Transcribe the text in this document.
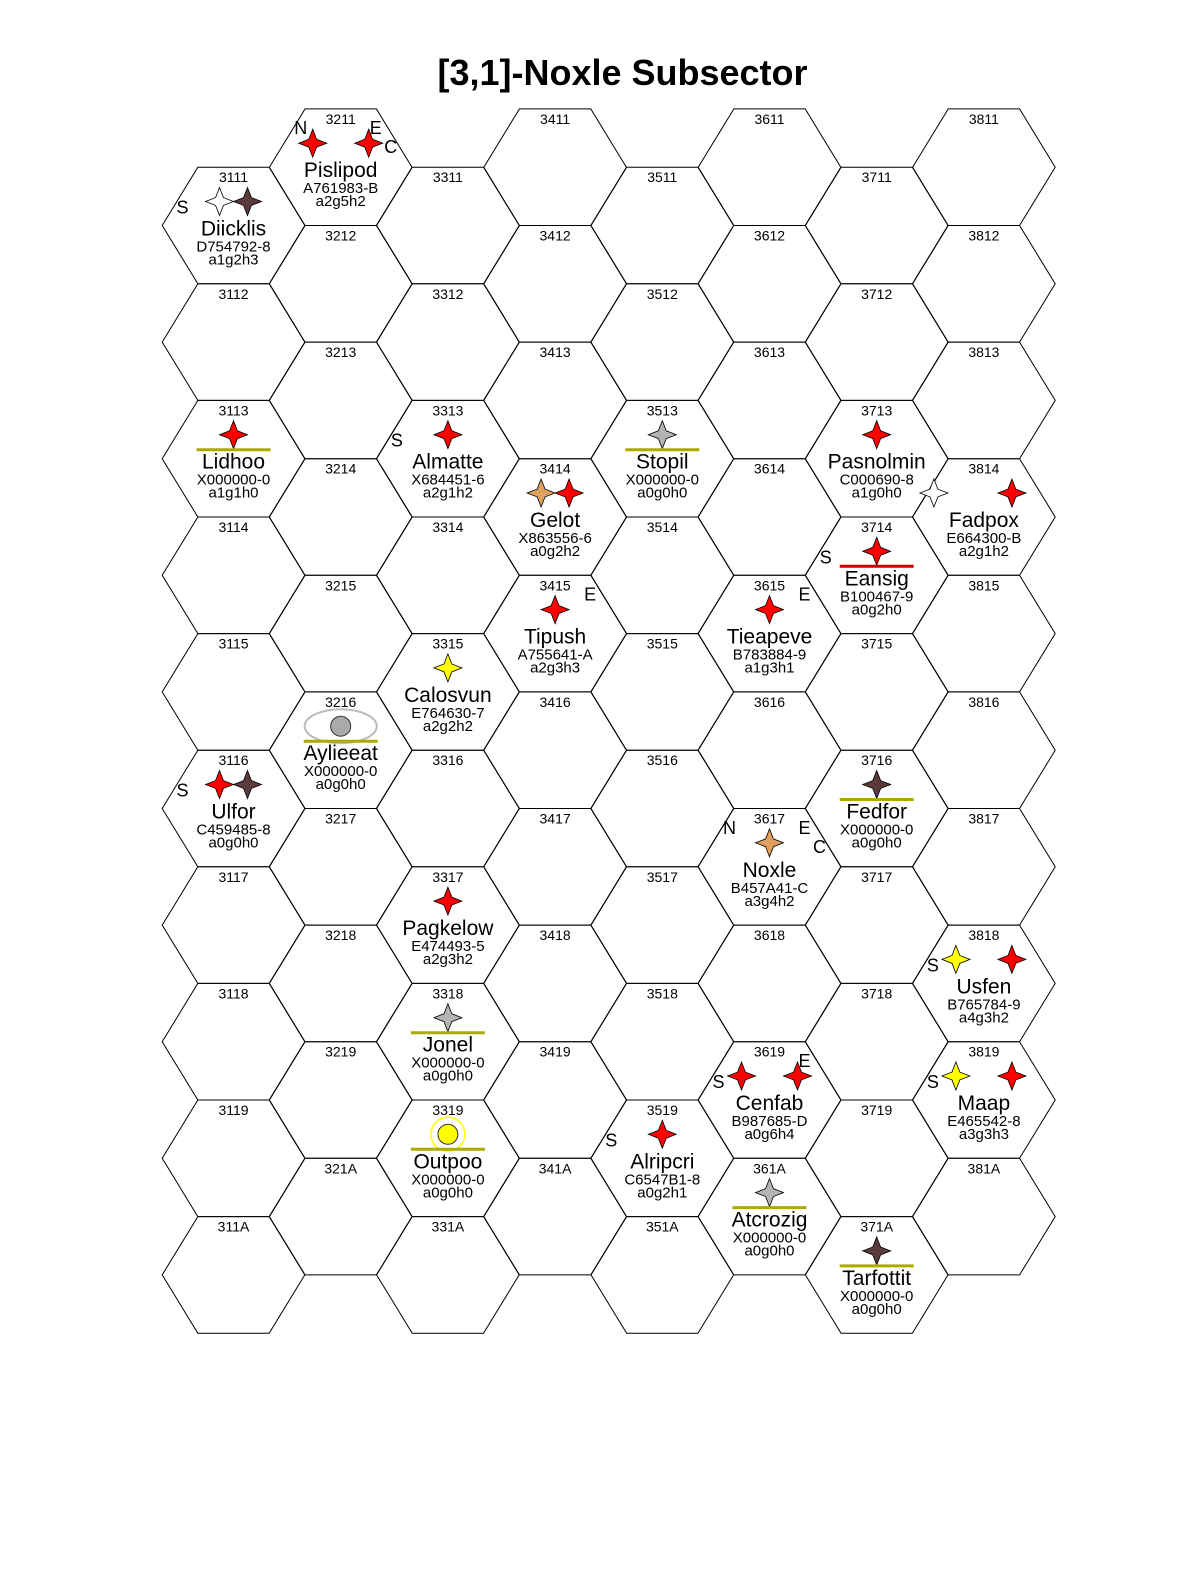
[3,1]-Noxle Subsector
3111
3112
3113
3114
3115
3116
3117
3118
3119
311A
3211
3212
3213
3214
3215
3216
3217
3218
3219
321A
3311
3312
3313
3314
3315
3316
3317
3318
3319
331A
3411
3412
3413
3414
3415
3416
3417
3418
3419
341A
3511
3512
3513
3514
3515
3516
3517
3518
3519
351A
3611
3612
3613
3614
3615
3616
3617
3618
3619
361A
3711
3712
3713
3714
3715
3716
3717
3718
3719
371A
3811
3812
3813
3814
3815
3816
3817
3818
3819
381A
N	E
C
Pislipod
A761983-B
a2g5h2
S
Diicklis
D754792-8
a1g2h3
Lidhoo
X000000-0
a1g1h0
S
Almatte
X684451-6
a2g1h2
Gelot
X863556-6
a0g2h2
Stopil
X000000-0
a0g0h0
Pasnolmin
C000690-8
a1g0h0
Fadpox
E664300-B
a2g1h2
S
Eansig
B100467-9
a0g2h0
E
Tipush
A755641-A
a2g3h3
E
Tieapeve
B783884-9
a1g3h1
Calosvun
E764630-7
a2g2h2
Aylieeat
X000000-0
a0g0h0
S
Ulfor
C459485-8
a0g0h0
Fedfor
X000000-0
a0g0h0
N	E
C
Noxle
B457A41-C
a3g4h2
Pagkelow
E474493-5
a2g3h2	S
Usfen
B765784-9
a4g3h2
Jonel
X000000-0
a0g0h0
E
S
Cenfab
B987685-D
a0g6h4
S
Maap
E465542-8
a3g3h3
Outpoo
X000000-0
a0g0h0
S
Alripcri
C6547B1-8
a0g2h1
Atcrozig
X000000-0
a0g0h0
Tarfottit
X000000-0
a0g0h0
